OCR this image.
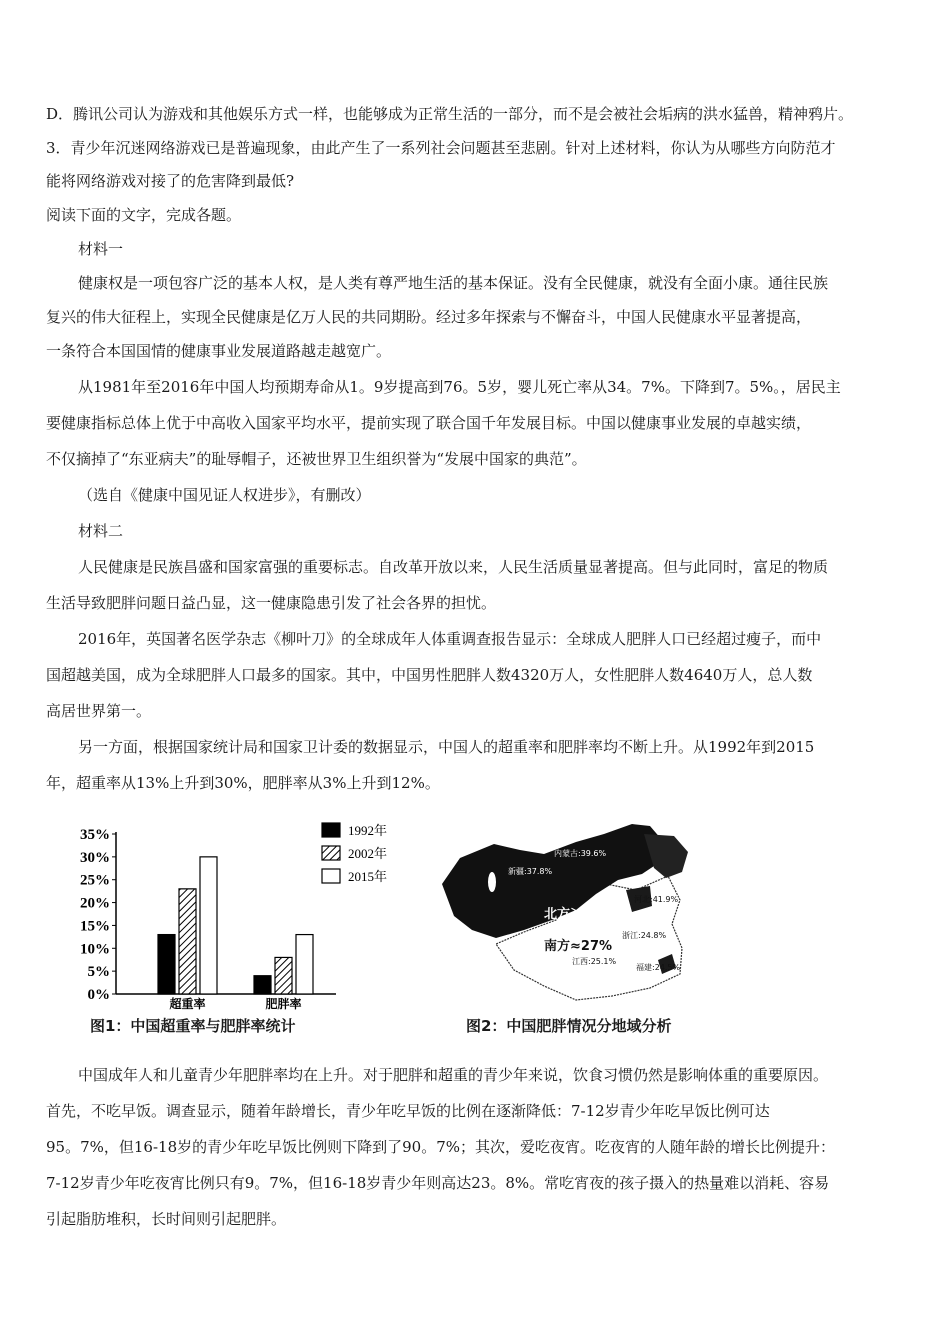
D．腾讯公司认为游戏和其他娱乐方式一样，也能够成为正常生活的一部分，而不是会被社会垢病的洪水猛兽，精神鸦片。
3．青少年沉迷网络游戏已是普遍现象，由此产生了一系列社会问题甚至悲剧。针对上述材料，你认为从哪些方向防范才
能将网络游戏对接了的危害降到最低?
阅读下面的文字，完成各题。
材料一
健康权是一项包容广泛的基本人权，是人类有尊严地生活的基本保证。没有全民健康，就没有全面小康。通往民族
复兴的伟大征程上，实现全民健康是亿万人民的共同期盼。经过多年探索与不懈奋斗，中国人民健康水平显著提高，
一条符合本国国情的健康事业发展道路越走越宽广。
从1981年至2016年中国人均预期寿命从1。9岁提高到76。5岁，婴儿死亡率从34。7%。下降到7。5%。，居民主
要健康指标总体上优于中高收入国家平均水平，提前实现了联合国千年发展目标。中国以健康事业发展的卓越实绩，
不仅摘掉了“东亚病夫”的耻辱帽子，还被世界卫生组织誉为“发展中国家的典范”。
（选自《健康中国见证人权进步》，有删改）
材料二
人民健康是民族昌盛和国家富强的重要标志。自改革开放以来，人民生活质量显著提高。但与此同时，富足的物质
生活导致肥胖问题日益凸显，这一健康隐患引发了社会各界的担忧。
2016年，英国著名医学杂志《柳叶刀》的全球成年人体重调查报告显示：全球成人肥胖人口已经超过瘦子，而中
国超越美国，成为全球肥胖人口最多的国家。其中，中国男性肥胖人数4320万人，女性肥胖人数4640万人，总人数
高居世界第一。
另一方面，根据国家统计局和国家卫计委的数据显示，中国人的超重率和肥胖率均不断上升。从1992年到2015
年，超重率从13%上升到30%，肥胖率从3%上升到12%。
0%
5%
10%
15%
20%
25%
30%
35%
超重率	肥胖率
1992年
2002年
2015年
图1：中国超重率与肥胖率统计
内蒙古:39.6%
新疆:37.8%
河北:41.9%
浙江:24.8%
江西:25.1%
福建:24.5%
北方＞35%
南方≈27%
图2：中国肥胖情况分地域分析
中国成年人和儿童青少年肥胖率均在上升。对于肥胖和超重的青少年来说，饮食习惯仍然是影响体重的重要原因。
首先，不吃早饭。调查显示，随着年龄增长，青少年吃早饭的比例在逐渐降低：7-12岁青少年吃早饭比例可达
95。7%，但16-18岁的青少年吃早饭比例则下降到了90。7%；其次，爱吃夜宵。吃夜宵的人随年龄的增长比例提升：
7-12岁青少年吃夜宵比例只有9。7%，但16-18岁青少年则高达23。8%。常吃宵夜的孩子摄入的热量难以消耗、容易
引起脂肪堆积，长时间则引起肥胖。
